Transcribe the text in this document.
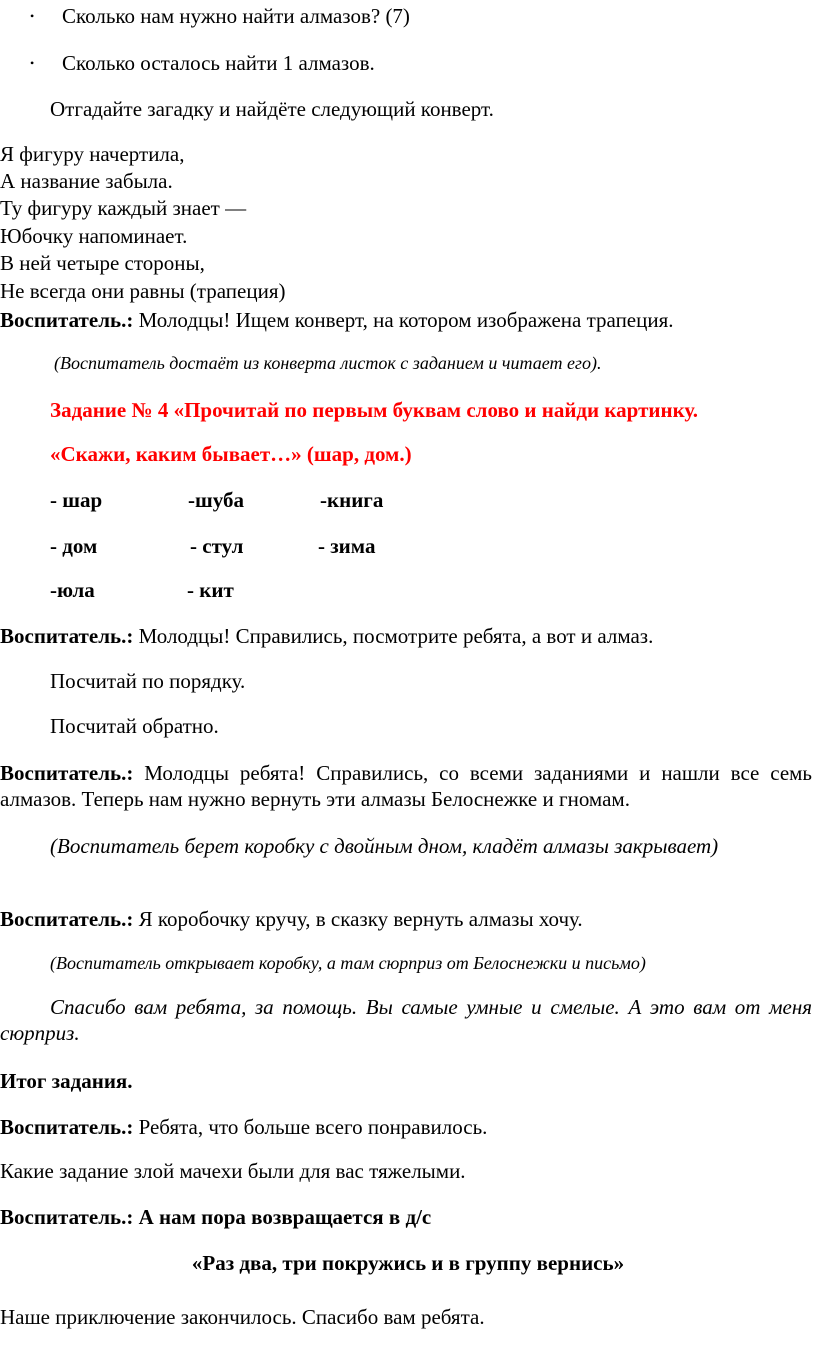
• Сколько нам нужно найти алмазов? (7)
• Сколько осталось найти 1 алмазов.
Отгадайте загадку и найдёте следующий конверт.
Я фигуру начертила,
А название забыла.
Ту фигуру каждый знает —
Юбочку напоминает.
В ней четыре стороны,
Не всегда они равны (трапеция)
Воспитатель.: Молодцы! Ищем конверт, на котором изображена трапеция.
(Воспитатель достаёт из конверта листок с заданием и читает его).
Задание № 4 «Прочитай по первым буквам слово и найди картинку.
«Скажи, каким бывает…» (шар, дом.)
- шар	-шуба	-книга
- дом	- стул	- зима
-юла	- кит
Воспитатель.: Молодцы! Справились, посмотрите ребята, а вот и алмаз.
Посчитай по порядку.
Посчитай обратно.
Воспитатель.: Молодцы ребята! Справились, со всеми заданиями и нашли все семь алмазов. Теперь нам нужно вернуть эти алмазы Белоснежке и гномам.
(Воспитатель берет коробку с двойным дном, кладёт алмазы закрывает)
Воспитатель.: Я коробочку кручу, в сказку вернуть алмазы хочу.
(Воспитатель открывает коробку, а там сюрприз от Белоснежки и письмо)
Спасибо вам ребята, за помощь. Вы самые умные и смелые. А это вам от меня сюрприз.
Итог задания.
Воспитатель.: Ребята, что больше всего понравилось.
Какие задание злой мачехи были для вас тяжелыми.
Воспитатель.: А нам пора возвращается в д/с
«Раз два, три покружись и в группу вернись»
Наше приключение закончилось. Спасибо вам ребята.
